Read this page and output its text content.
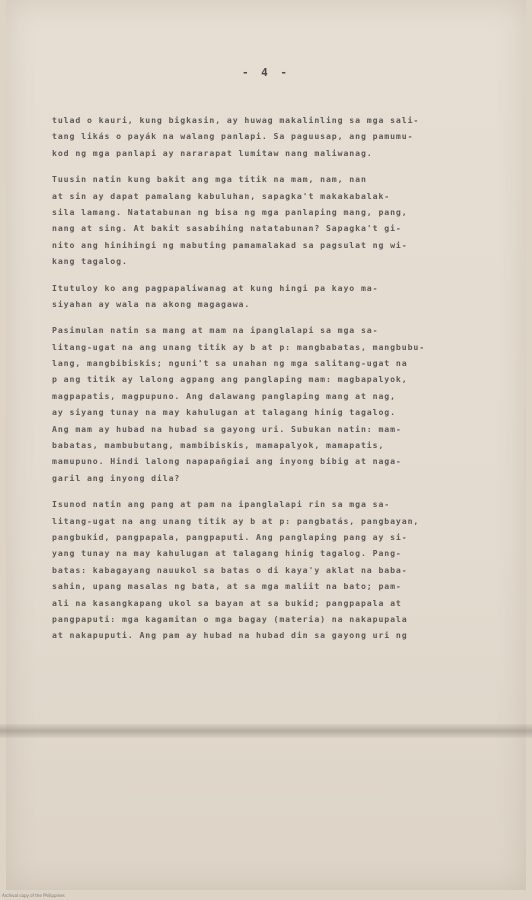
- 4 -
tulad o kauri, kung bigkasin, ay huwag makalinling sa mga sali-
tang likás o payák na walang panlapi. Sa paguusap, ang pamumu-
kod ng mga panlapi ay nararapat lumitaw nang maliwanag.
Tuusin natin kung bakit ang mga titik na mam, nam, nan
at sin ay dapat pamalang kabuluhan, sapagka't makakabalak-
sila lamang. Natatabunan ng bisa ng mga panlaping mang, pang,
nang at sing. At bakit sasabihing natatabunan? Sapagka't gi-
nito ang hinihingi ng mabuting pamamalakad sa pagsulat ng wi-
kang tagalog.
Itutuloy ko ang pagpapaliwanag at kung hingi pa kayo ma-
siyahan ay wala na akong magagawa.
Pasimulan natin sa mang at mam na ipanglalapi sa mga sa-
litang-ugat na ang unang titik ay b at p: mangbabatas, mangbubu-
lang, mangbibiskis; nguni't sa unahan ng mga salitang-ugat na
p ang titik ay lalong agpang ang panglaping mam: magbapalyok,
magpapatis, magpupuno. Ang dalawang panglaping mang at nag,
ay siyang tunay na may kahulugan at talagang hinig tagalog.
Ang mam ay hubad na hubad sa gayong uri. Subukan natin: mam-
babatas, mambubutang, mambibiskis, mamapalyok, mamapatis,
mamupuno. Hindi lalong napapañgiai ang inyong bibig at naga-
garil ang inyong dila?
Isunod natin ang pang at pam na ipanglalapi rin sa mga sa-
litang-ugat na ang unang titik ay b at p: pangbatás, pangbayan,
pangbukid, pangpapala, pangpaputi. Ang panglaping pang ay si-
yang tunay na may kahulugan at talagang hinig tagalog. Pang-
batas: kabagayang nauukol sa batas o di kaya'y aklat na baba-
sahin, upang masalas ng bata, at sa mga maliit na bato; pam-
ali na kasangkapang ukol sa bayan at sa bukid; pangpapala at
pangpaputi: mga kagamitan o mga bagay (materia) na nakapupala
at nakapuputi. Ang pam ay hubad na hubad din sa gayong uri ng
Archival copy of the Philippines
